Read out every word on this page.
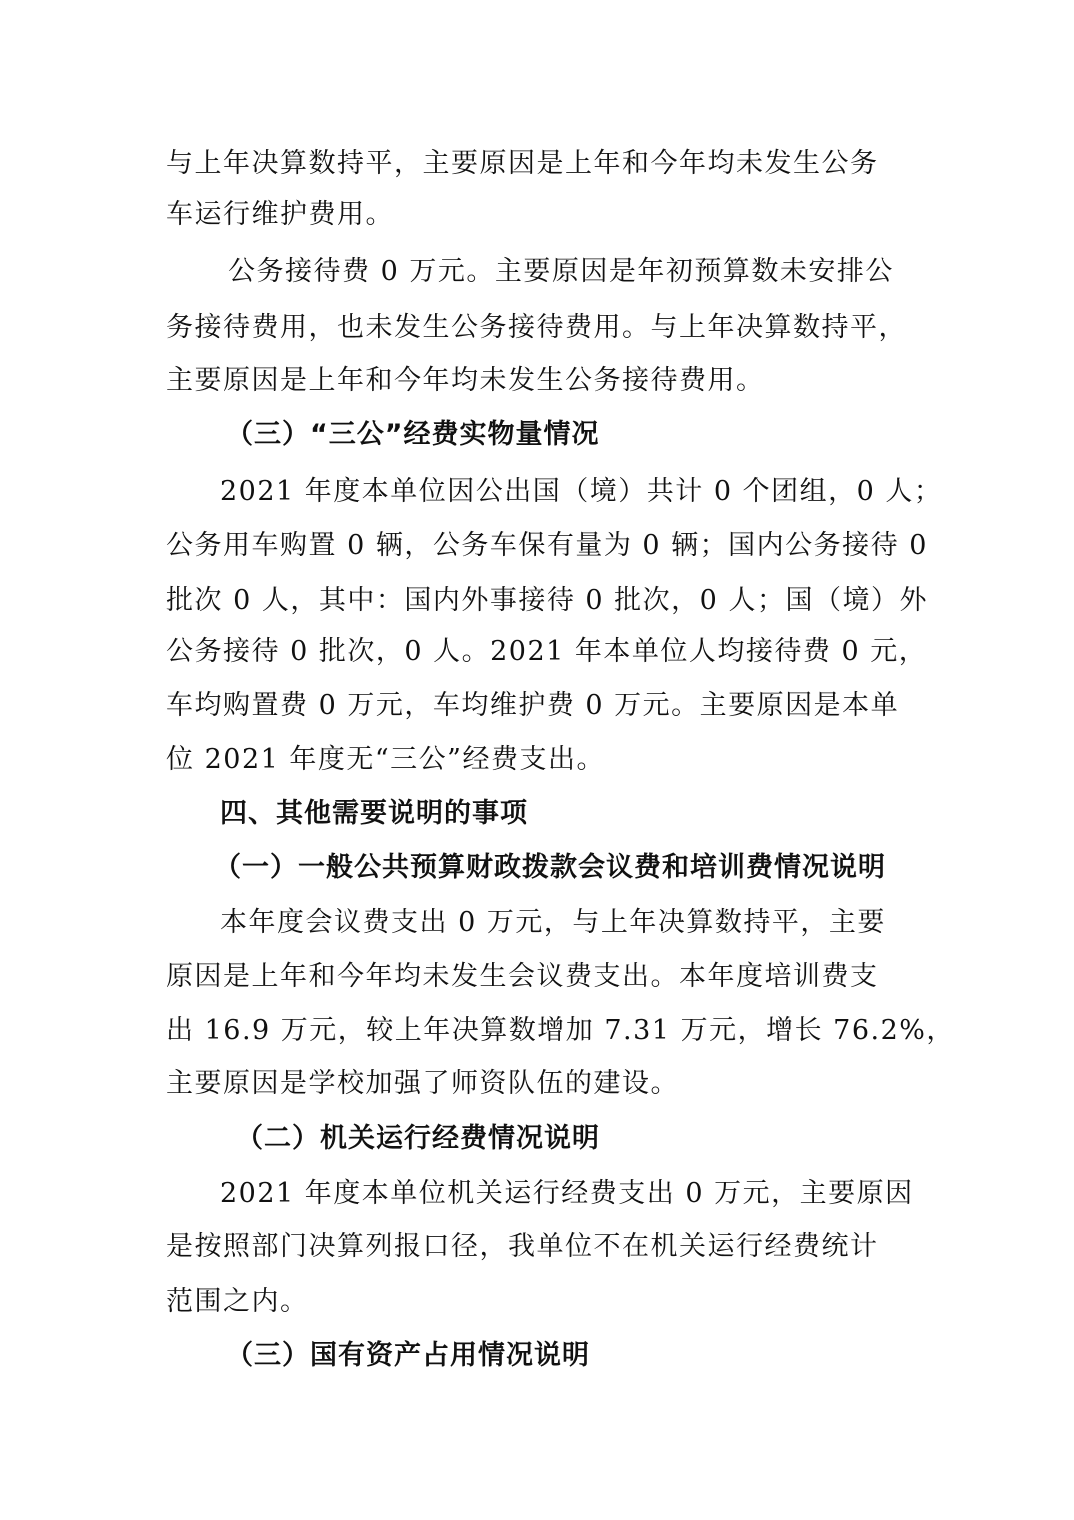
与上年决算数持平，主要原因是上年和今年均未发生公务
车运行维护费用。
公务接待费 0 万元。主要原因是年初预算数未安排公
务接待费用，也未发生公务接待费用。与上年决算数持平，
主要原因是上年和今年均未发生公务接待费用。
（三）“三公”经费实物量情况
2021 年度本单位因公出国（境）共计 0 个团组，0 人；
公务用车购置 0 辆，公务车保有量为 0 辆；国内公务接待 0
批次 0 人，其中：国内外事接待 0 批次，0 人；国（境）外
公务接待 0 批次，0 人。2021 年本单位人均接待费 0 元，
车均购置费 0 万元，车均维护费 0 万元。主要原因是本单
位 2021 年度无“三公”经费支出。
四、其他需要说明的事项
（一）一般公共预算财政拨款会议费和培训费情况说明
本年度会议费支出 0 万元，与上年决算数持平，主要
原因是上年和今年均未发生会议费支出。本年度培训费支
出 16.9 万元，较上年决算数增加 7.31 万元，增长 76.2%，
主要原因是学校加强了师资队伍的建设。
（二）机关运行经费情况说明
2021 年度本单位机关运行经费支出 0 万元，主要原因
是按照部门决算列报口径，我单位不在机关运行经费统计
范围之内。
（三）国有资产占用情况说明
